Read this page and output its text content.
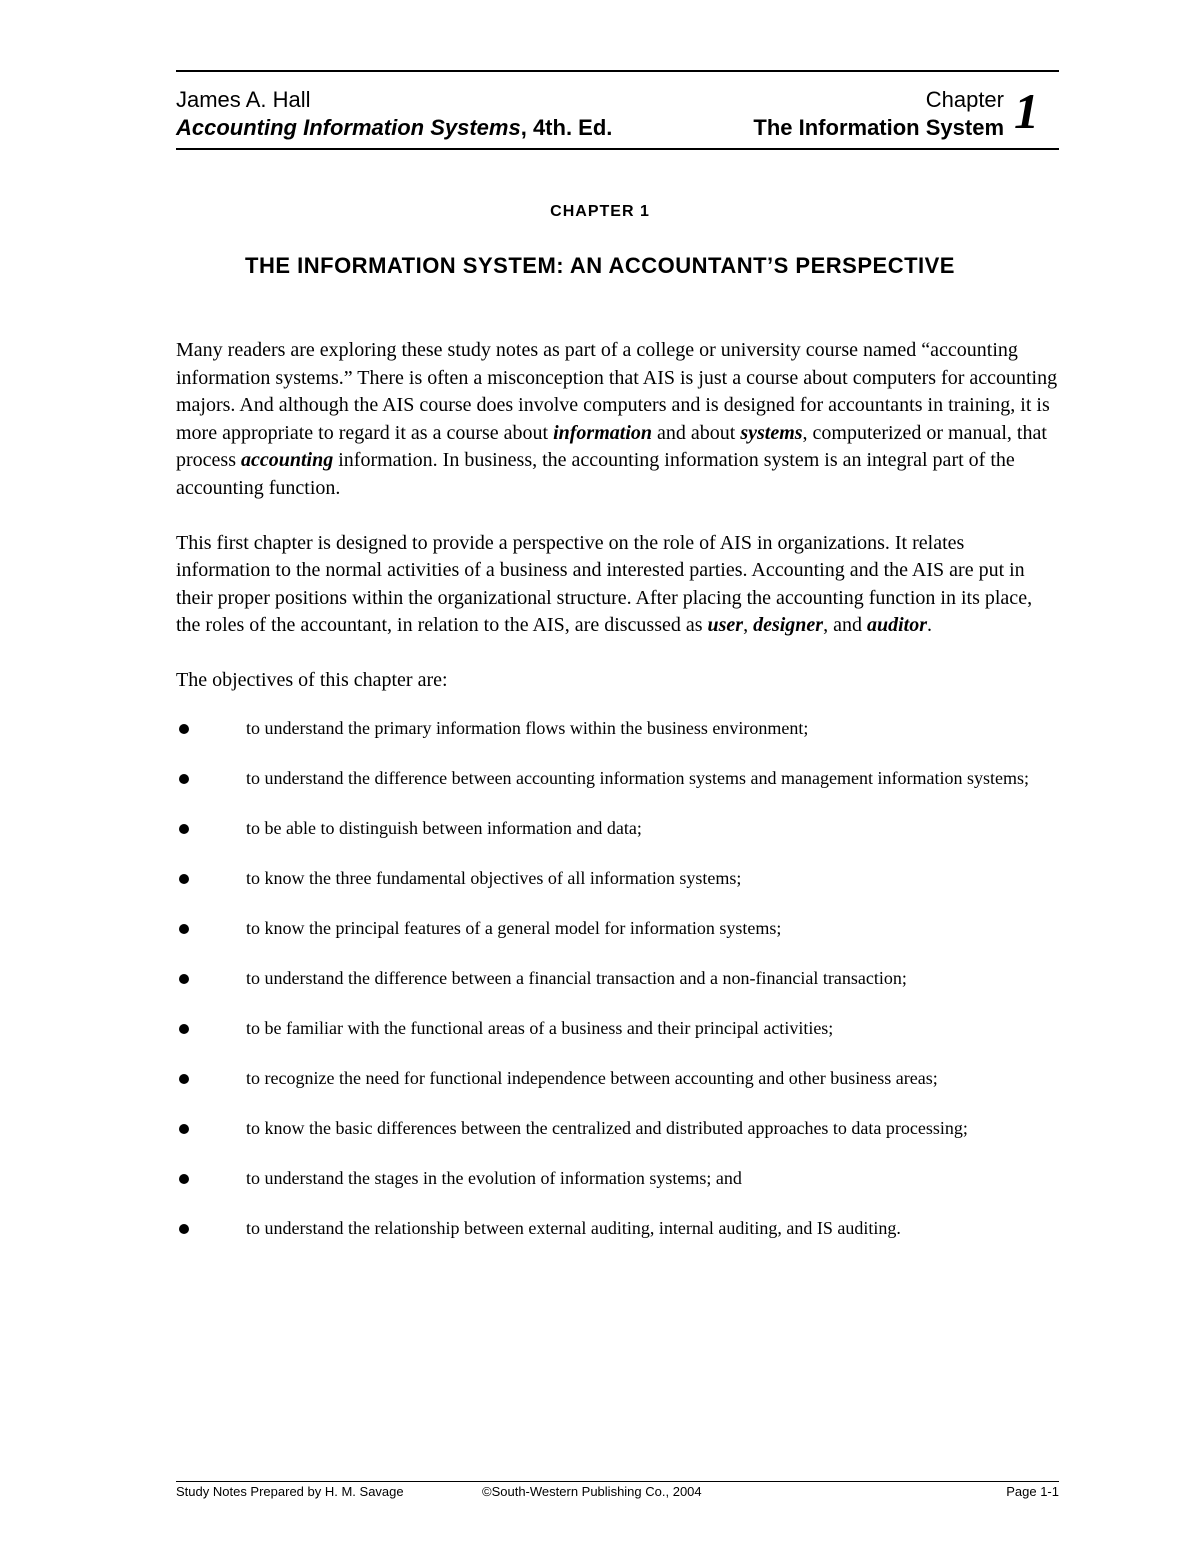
James A. Hall
Accounting Information Systems, 4th. Ed.
Chapter
The Information System 1
CHAPTER 1
THE INFORMATION SYSTEM: AN ACCOUNTANT’S PERSPECTIVE

Many readers are exploring these study notes as part of a college or university course named “accounting information systems.” There is often a misconception that AIS is just a course about computers for accounting majors. And although the AIS course does involve computers and is designed for accountants in training, it is more appropriate to regard it as a course about information and about systems, computerized or manual, that process accounting information. In business, the accounting information system is an integral part of the accounting function.

This first chapter is designed to provide a perspective on the role of AIS in organizations. It relates information to the normal activities of a business and interested parties. Accounting and the AIS are put in their proper positions within the organizational structure. After placing the accounting function in its place, the roles of the accountant, in relation to the AIS, are discussed as user, designer, and auditor.

The objectives of this chapter are:

to understand the primary information flows within the business environment;
to understand the difference between accounting information systems and management information systems;
to be able to distinguish between information and data;
to know the three fundamental objectives of all information systems;
to know the principal features of a general model for information systems;
to understand the difference between a financial transaction and a non-financial transaction;
to be familiar with the functional areas of a business and their principal activities;
to recognize the need for functional independence between accounting and other business areas;
to know the basic differences between the centralized and distributed approaches to data processing;
to understand the stages in the evolution of information systems; and
to understand the relationship between external auditing, internal auditing, and IS auditing.
Study Notes Prepared by H. M. Savage	©South-Western Publishing Co., 2004	Page 1-1
